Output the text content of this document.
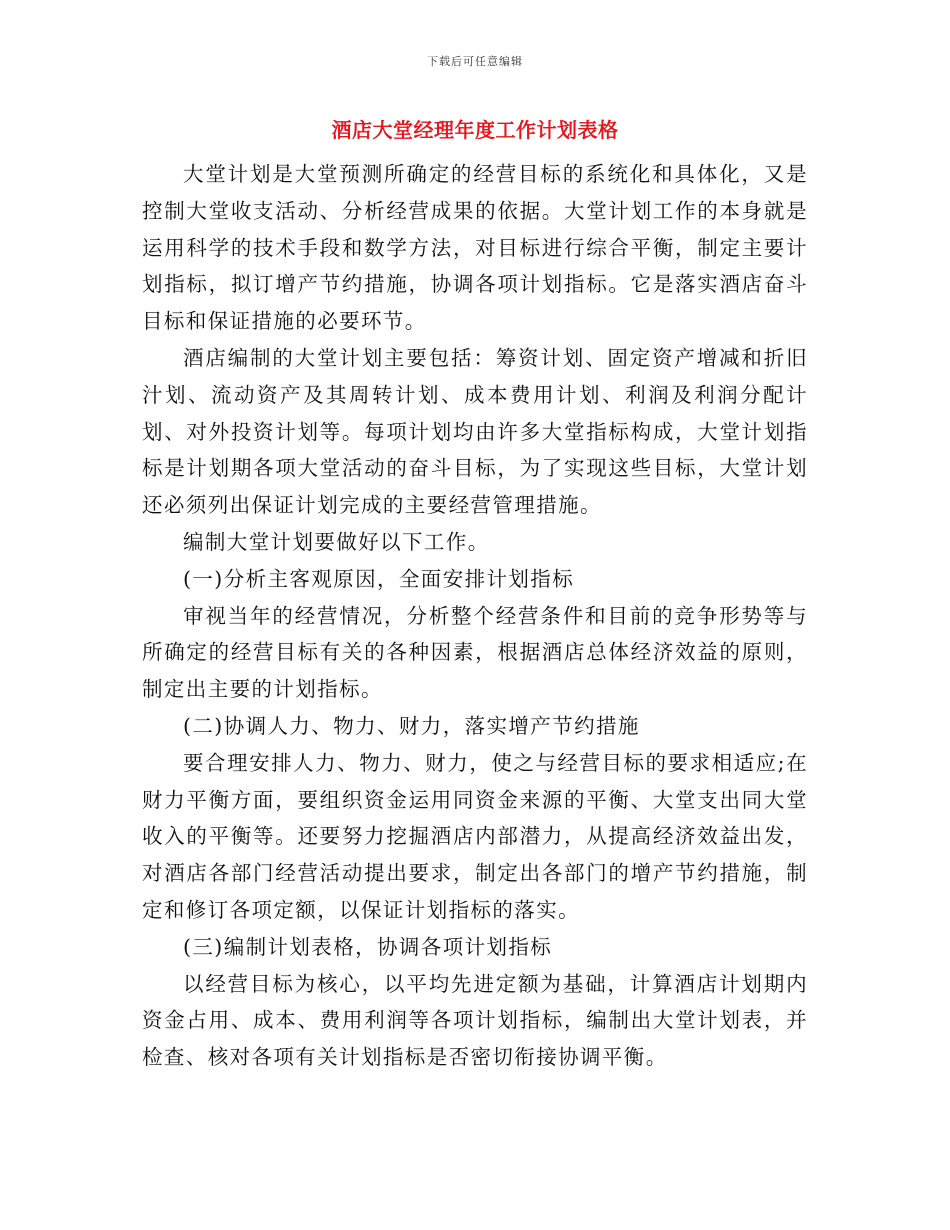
下载后可任意编辑
酒店大堂经理年度工作计划表格

大堂计划是大堂预测所确定的经营目标的系统化和具体化，又是控制大堂收支活动、分析经营成果的依据。大堂计划工作的本身就是运用科学的技术手段和数学方法，对目标进行综合平衡，制定主要计划指标，拟订增产节约措施，协调各项计划指标。它是落实酒店奋斗目标和保证措施的必要环节。

酒店编制的大堂计划主要包括：筹资计划、固定资产增减和折旧汁划、流动资产及其周转计划、成本费用计划、利润及利润分配计划、对外投资计划等。每项计划均由许多大堂指标构成，大堂计划指标是计划期各项大堂活动的奋斗目标，为了实现这些目标，大堂计划还必须列出保证计划完成的主要经营管理措施。

编制大堂计划要做好以下工作。

(一)分析主客观原因，全面安排计划指标

审视当年的经营情况，分析整个经营条件和目前的竞争形势等与所确定的经营目标有关的各种因素，根据酒店总体经济效益的原则，制定出主要的计划指标。

(二)协调人力、物力、财力，落实增产节约措施

要合理安排人力、物力、财力，使之与经营目标的要求相适应;在财力平衡方面，要组织资金运用同资金来源的平衡、大堂支出同大堂收入的平衡等。还要努力挖掘酒店内部潜力，从提高经济效益出发，对酒店各部门经营活动提出要求，制定出各部门的增产节约措施，制定和修订各项定额，以保证计划指标的落实。

(三)编制计划表格，协调各项计划指标

以经营目标为核心，以平均先进定额为基础，计算酒店计划期内资金占用、成本、费用利润等各项计划指标，编制出大堂计划表，并检查、核对各项有关计划指标是否密切衔接协调平衡。
